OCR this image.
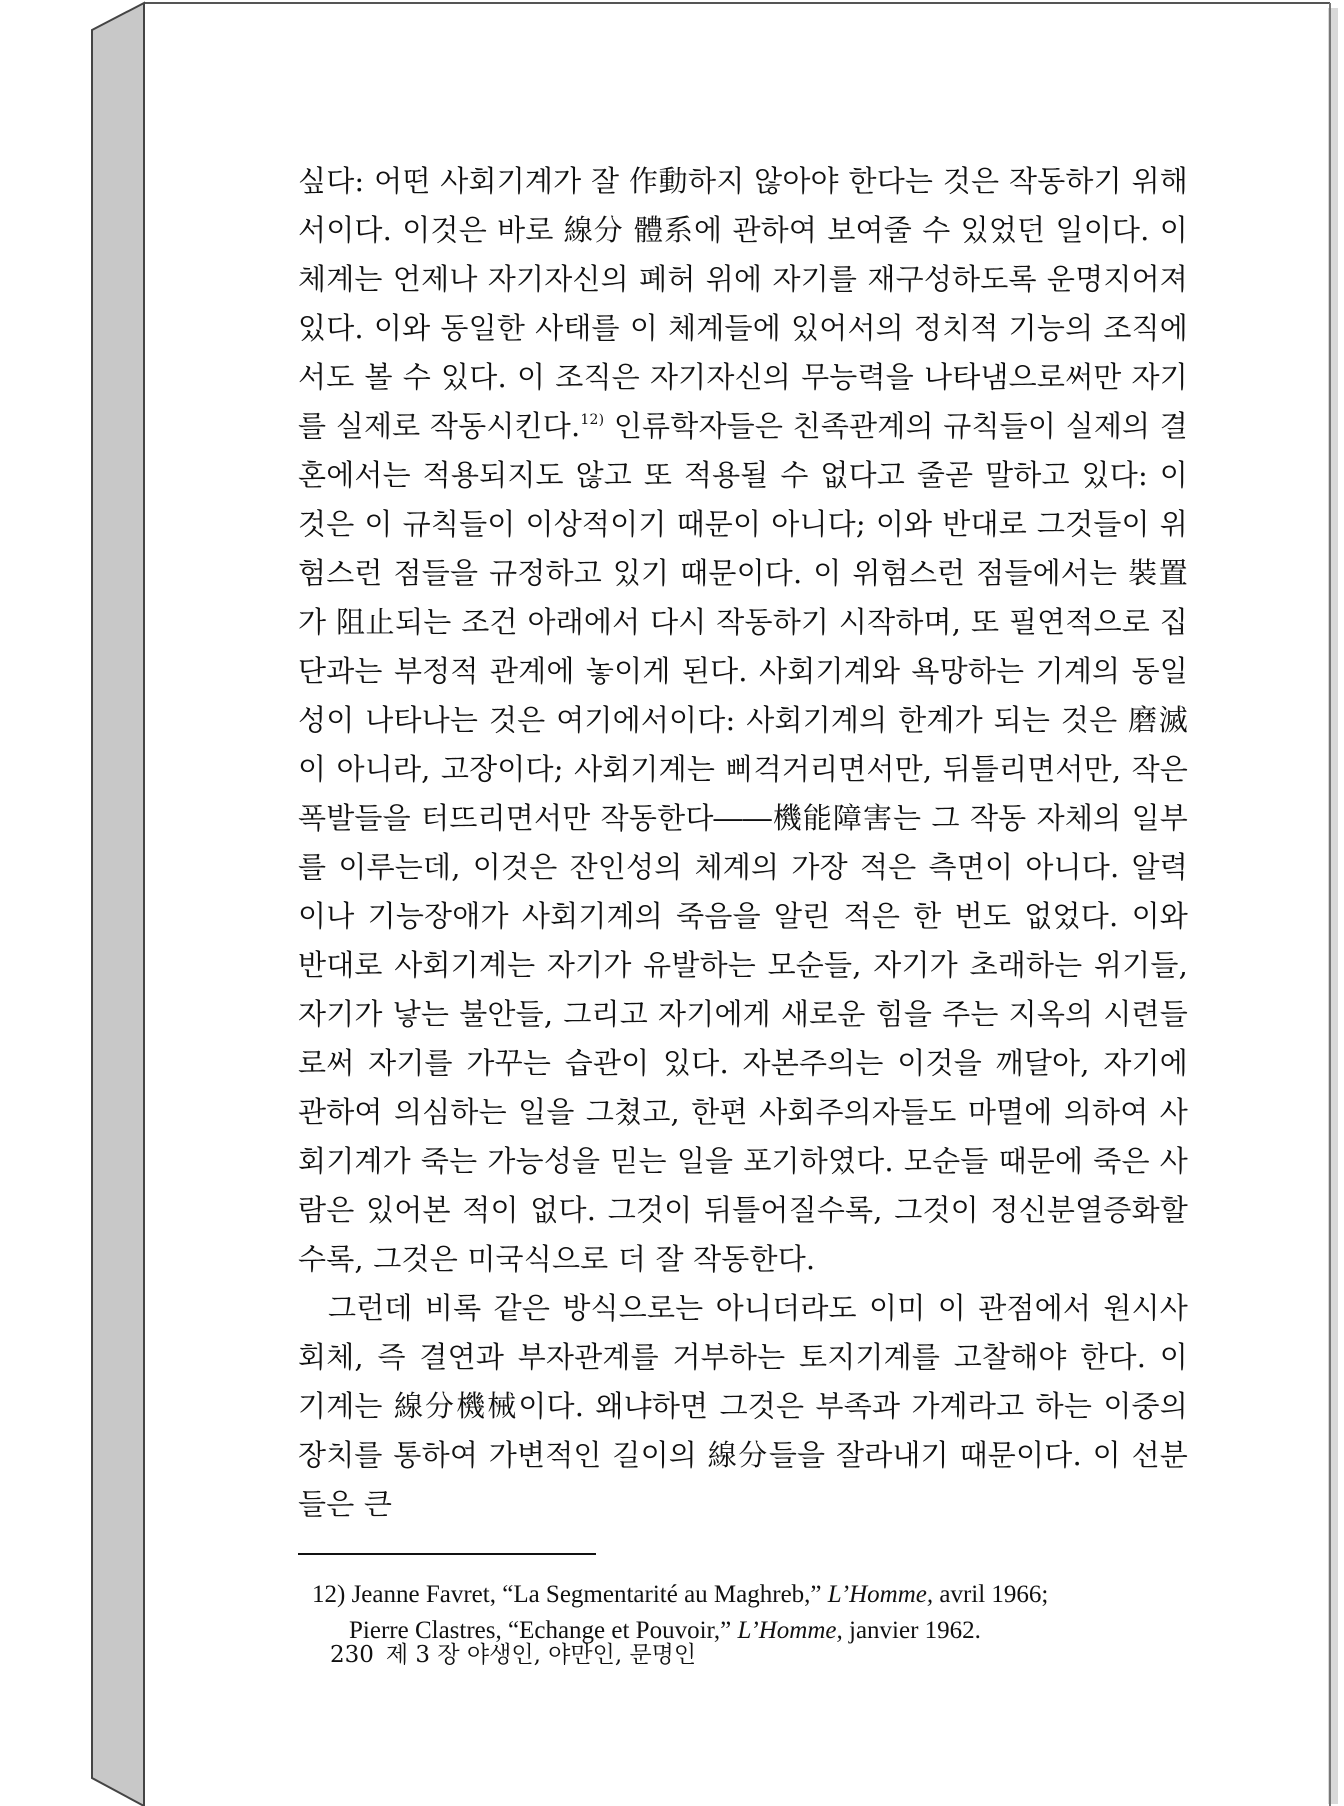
싶다: 어떤 사회기계가 잘 作動하지 않아야 한다는 것은 작동하기 위해서이다. 이것은 바로 線分 體系에 관하여 보여줄 수 있었던 일이다. 이 체계는 언제나 자기자신의 폐허 위에 자기를 재구성하도록 운명지어져 있다. 이와 동일한 사태를 이 체계들에 있어서의 정치적 기능의 조직에서도 볼 수 있다. 이 조직은 자기자신의 무능력을 나타냄으로써만 자기를 실제로 작동시킨다.$^{12)}$ 인류학자들은 친족관계의 규칙들이 실제의 결혼에서는 적용되지도 않고 또 적용될 수 없다고 줄곧 말하고 있다: 이것은 이 규칙들이 이상적이기 때문이 아니다; 이와 반대로 그것들이 위험스런 점들을 규정하고 있기 때문이다. 이 위험스런 점들에서는 裝置가 阻止되는 조건 아래에서 다시 작동하기 시작하며, 또 필연적으로 집단과는 부정적 관계에 놓이게 된다. 사회기계와 욕망하는 기계의 동일성이 나타나는 것은 여기에서이다: 사회기계의 한계가 되는 것은 磨滅이 아니라, 고장이다; 사회기계는 삐걱거리면서만, 뒤틀리면서만, 작은 폭발들을 터뜨리면서만 작동한다――機能障害는 그 작동 자체의 일부를 이루는데, 이것은 잔인성의 체계의 가장 적은 측면이 아니다. 알력이나 기능장애가 사회기계의 죽음을 알린 적은 한 번도 없었다. 이와 반대로 사회기계는 자기가 유발하는 모순들, 자기가 초래하는 위기들, 자기가 낳는 불안들, 그리고 자기에게 새로운 힘을 주는 지옥의 시련들로써 자기를 가꾸는 습관이 있다. 자본주의는 이것을 깨달아, 자기에 관하여 의심하는 일을 그쳤고, 한편 사회주의자들도 마멸에 의하여 사회기계가 죽는 가능성을 믿는 일을 포기하였다. 모순들 때문에 죽은 사람은 있어본 적이 없다. 그것이 뒤틀어질수록, 그것이 정신분열증화할수록, 그것은 미국식으로 더 잘 작동한다.

그런데 비록 같은 방식으로는 아니더라도 이미 이 관점에서 원시사회체, 즉 결연과 부자관계를 거부하는 토지기계를 고찰해야 한다. 이 기계는 線分機械이다. 왜냐하면 그것은 부족과 가계라고 하는 이중의 장치를 통하여 가변적인 길이의 線分들을 잘라내기 때문이다. 이 선분들은 큰

12) Jeanne Favret, “La Segmentarité au Maghreb,” L’Homme, avril 1966;
Pierre Clastres, “Echange et Pouvoir,” L’Homme, janvier 1962.
230 제 3 장 야생인, 야만인, 문명인
